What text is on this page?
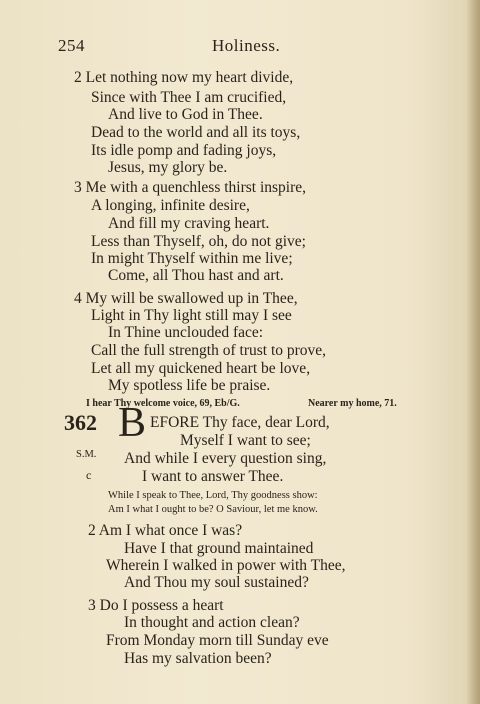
254	Holiness.
2 Let nothing now my heart divide,
Since with Thee I am crucified,
And live to God in Thee.
Dead to the world and all its toys,
Its idle pomp and fading joys,
Jesus, my glory be.
3 Me with a quenchless thirst inspire,
A longing, infinite desire,
And fill my craving heart.
Less than Thyself, oh, do not give;
In might Thyself within me live;
Come, all Thou hast and art.
4 My will be swallowed up in Thee,
Light in Thy light still may I see
In Thine unclouded face:
Call the full strength of trust to prove,
Let all my quickened heart be love,
My spotless life be praise.
I hear Thy welcome voice, 69, Eb/G.	Nearer my home, 71.
362 B EFORE Thy face, dear Lord,
Myself I want to see;
S.M. And while I every question sing,
c	I want to answer Thee.
While I speak to Thee, Lord, Thy goodness show:
Am I what I ought to be? O Saviour, let me know.
2 Am I what once I was?
Have I that ground maintained
Wherein I walked in power with Thee,
And Thou my soul sustained?
3 Do I possess a heart
In thought and action clean?
From Monday morn till Sunday eve
Has my salvation been?
